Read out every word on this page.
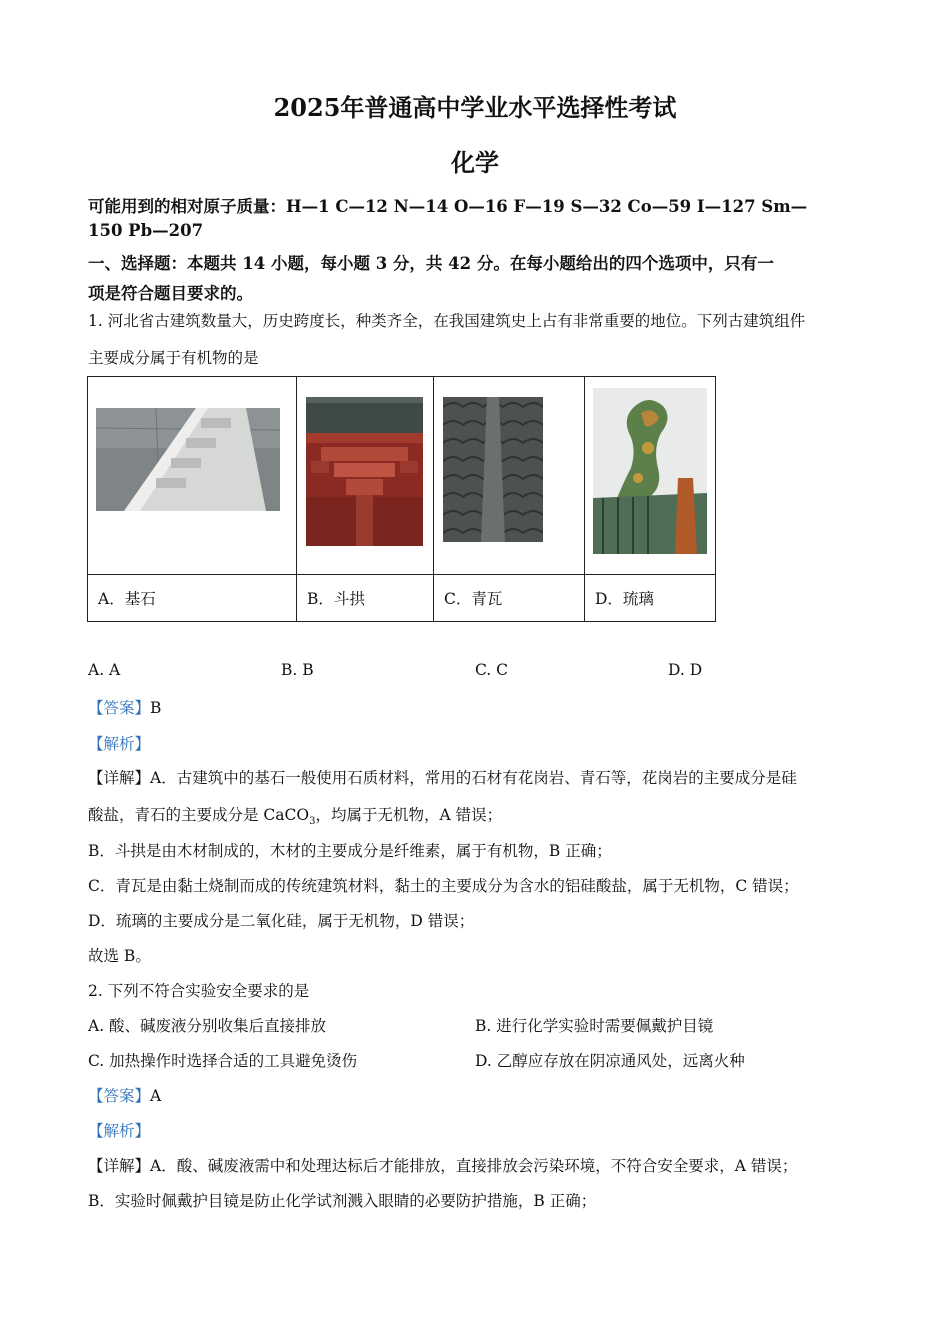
2025年普通高中学业水平选择性考试
化学
可能用到的相对原子质量：H—1 C—12 N—14 O—16 F—19 S—32 Co—59 I—127 Sm—
150 Pb—207
一、选择题：本题共 14 小题，每小题 3 分，共 42 分。在每小题给出的四个选项中，只有一
项是符合题目要求的。
1. 河北省古建筑数量大，历史跨度长，种类齐全，在我国建筑史上占有非常重要的地位。下列古建筑组件
主要成分属于有机物的是

A．基石	B．斗拱	C．青瓦	D．琉璃
A. A	B. B	C. C	D. D
【答案】B
【解析】
【详解】A．古建筑中的基石一般使用石质材料，常用的石材有花岗岩、青石等，花岗岩的主要成分是硅
酸盐，青石的主要成分是 CaCO$_3$，均属于无机物，A 错误；
B．斗拱是由木材制成的，木材的主要成分是纤维素，属于有机物，B 正确；
C．青瓦是由黏土烧制而成的传统建筑材料，黏土的主要成分为含水的铝硅酸盐，属于无机物，C 错误；
D．琉璃的主要成分是二氧化硅，属于无机物，D 错误；
故选 B。
2. 下列不符合实验安全要求的是
A. 酸、碱废液分别收集后直接排放	B. 进行化学实验时需要佩戴护目镜
C. 加热操作时选择合适的工具避免烫伤	D. 乙醇应存放在阴凉通风处，远离火种
【答案】A
【解析】
【详解】A．酸、碱废液需中和处理达标后才能排放，直接排放会污染环境，不符合安全要求，A 错误；
B．实验时佩戴护目镜是防止化学试剂溅入眼睛的必要防护措施，B 正确；
